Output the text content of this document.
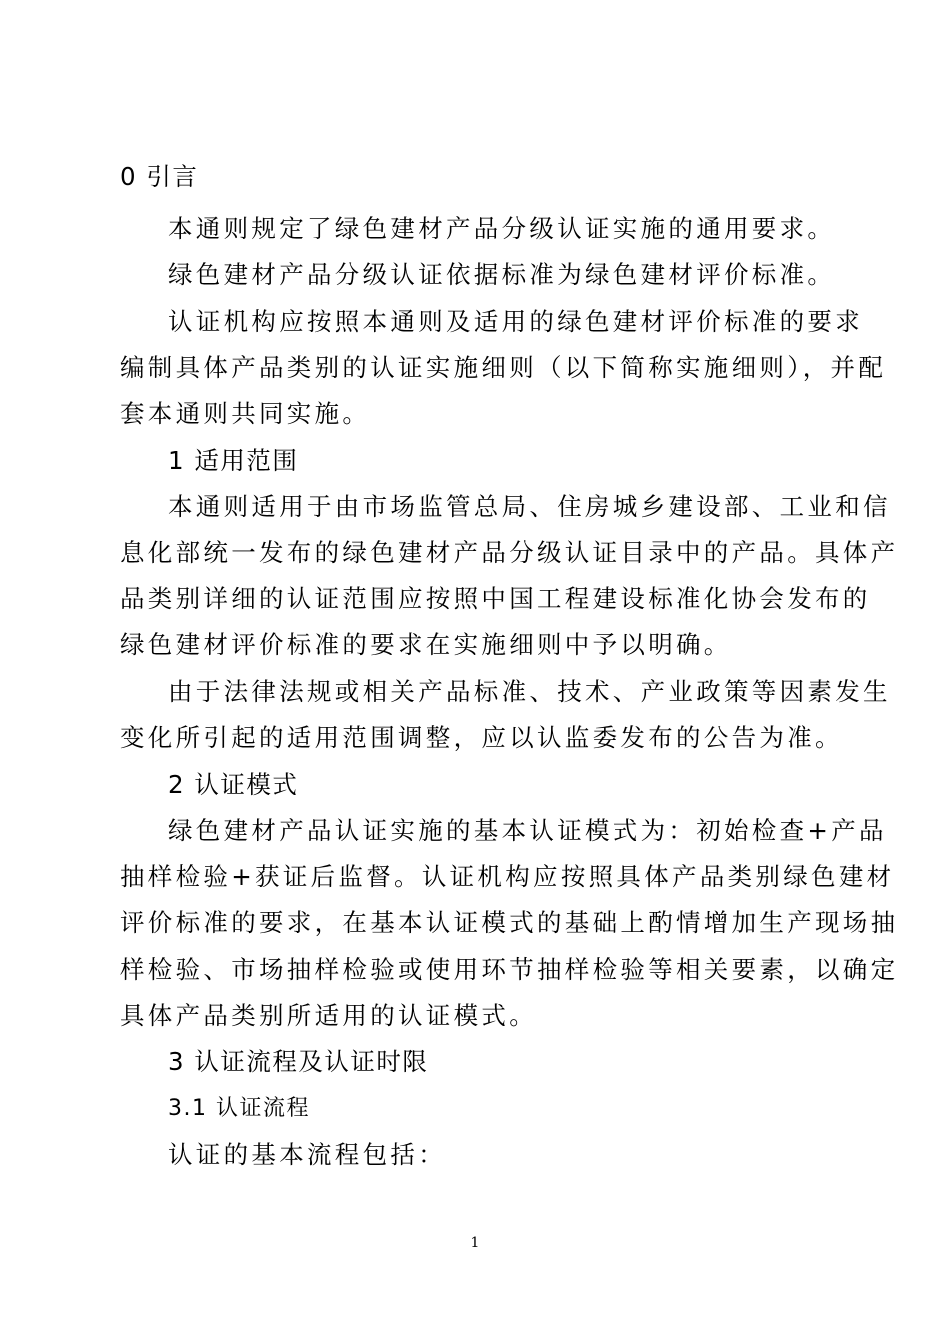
0 引言
本通则规定了绿色建材产品分级认证实施的通用要求。
绿色建材产品分级认证依据标准为绿色建材评价标准。
认证机构应按照本通则及适用的绿色建材评价标准的要求
编制具体产品类别的认证实施细则（以下简称实施细则），并配
套本通则共同实施。
1 适用范围
本通则适用于由市场监管总局、住房城乡建设部、工业和信
息化部统一发布的绿色建材产品分级认证目录中的产品。具体产
品类别详细的认证范围应按照中国工程建设标准化协会发布的
绿色建材评价标准的要求在实施细则中予以明确。
由于法律法规或相关产品标准、技术、产业政策等因素发生
变化所引起的适用范围调整，应以认监委发布的公告为准。
2 认证模式
绿色建材产品认证实施的基本认证模式为：初始检查+产品
抽样检验+获证后监督。认证机构应按照具体产品类别绿色建材
评价标准的要求，在基本认证模式的基础上酌情增加生产现场抽
样检验、市场抽样检验或使用环节抽样检验等相关要素，以确定
具体产品类别所适用的认证模式。
3 认证流程及认证时限
3.1 认证流程
认证的基本流程包括：
1
